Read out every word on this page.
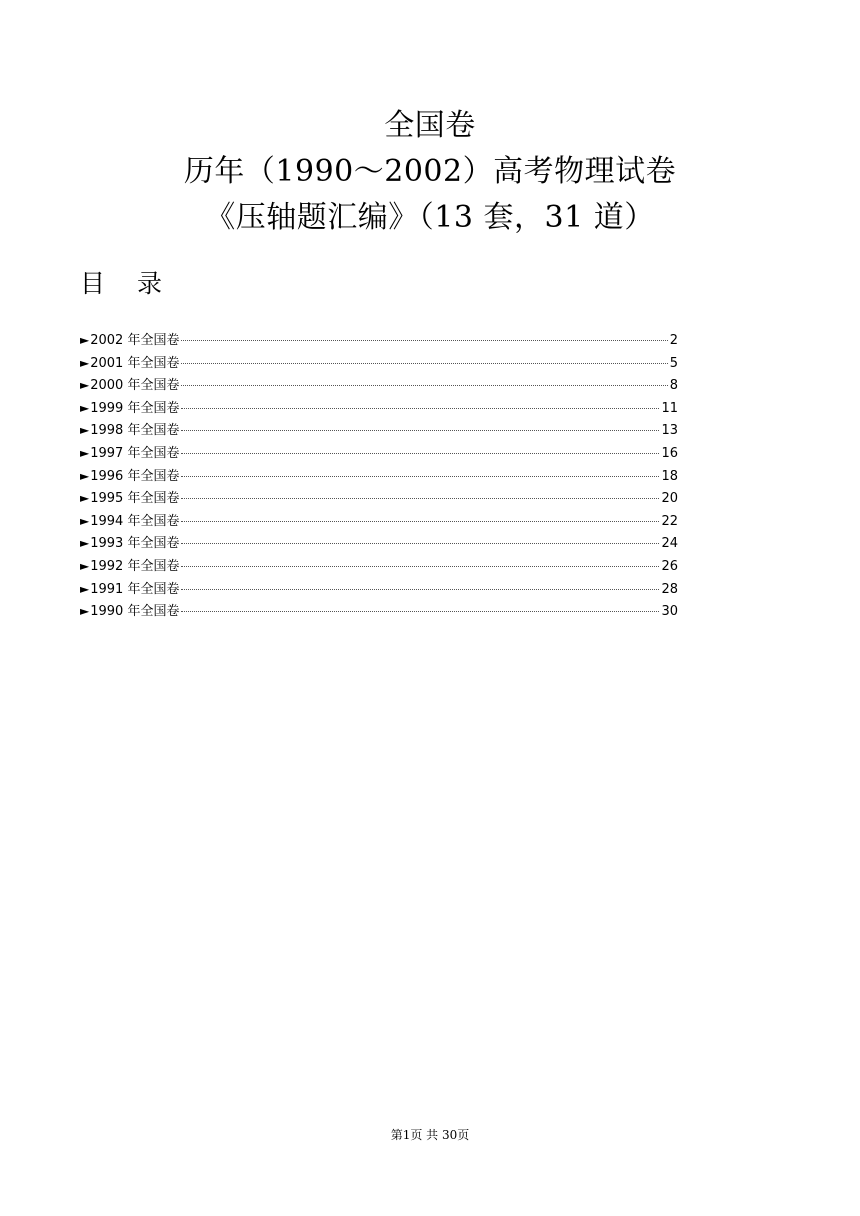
全国卷
历年（1990～2002）高考物理试卷
《压轴题汇编》（13 套，31 道）
目 录
► 2002 年全国卷	2
► 2001 年全国卷	5
► 2000 年全国卷	8
► 1999 年全国卷	11
► 1998 年全国卷	13
► 1997 年全国卷	16
► 1996 年全国卷	18
► 1995 年全国卷	20
► 1994 年全国卷	22
► 1993 年全国卷	24
► 1992 年全国卷	26
► 1991 年全国卷	28
► 1990 年全国卷	30
第1页 共 30页
